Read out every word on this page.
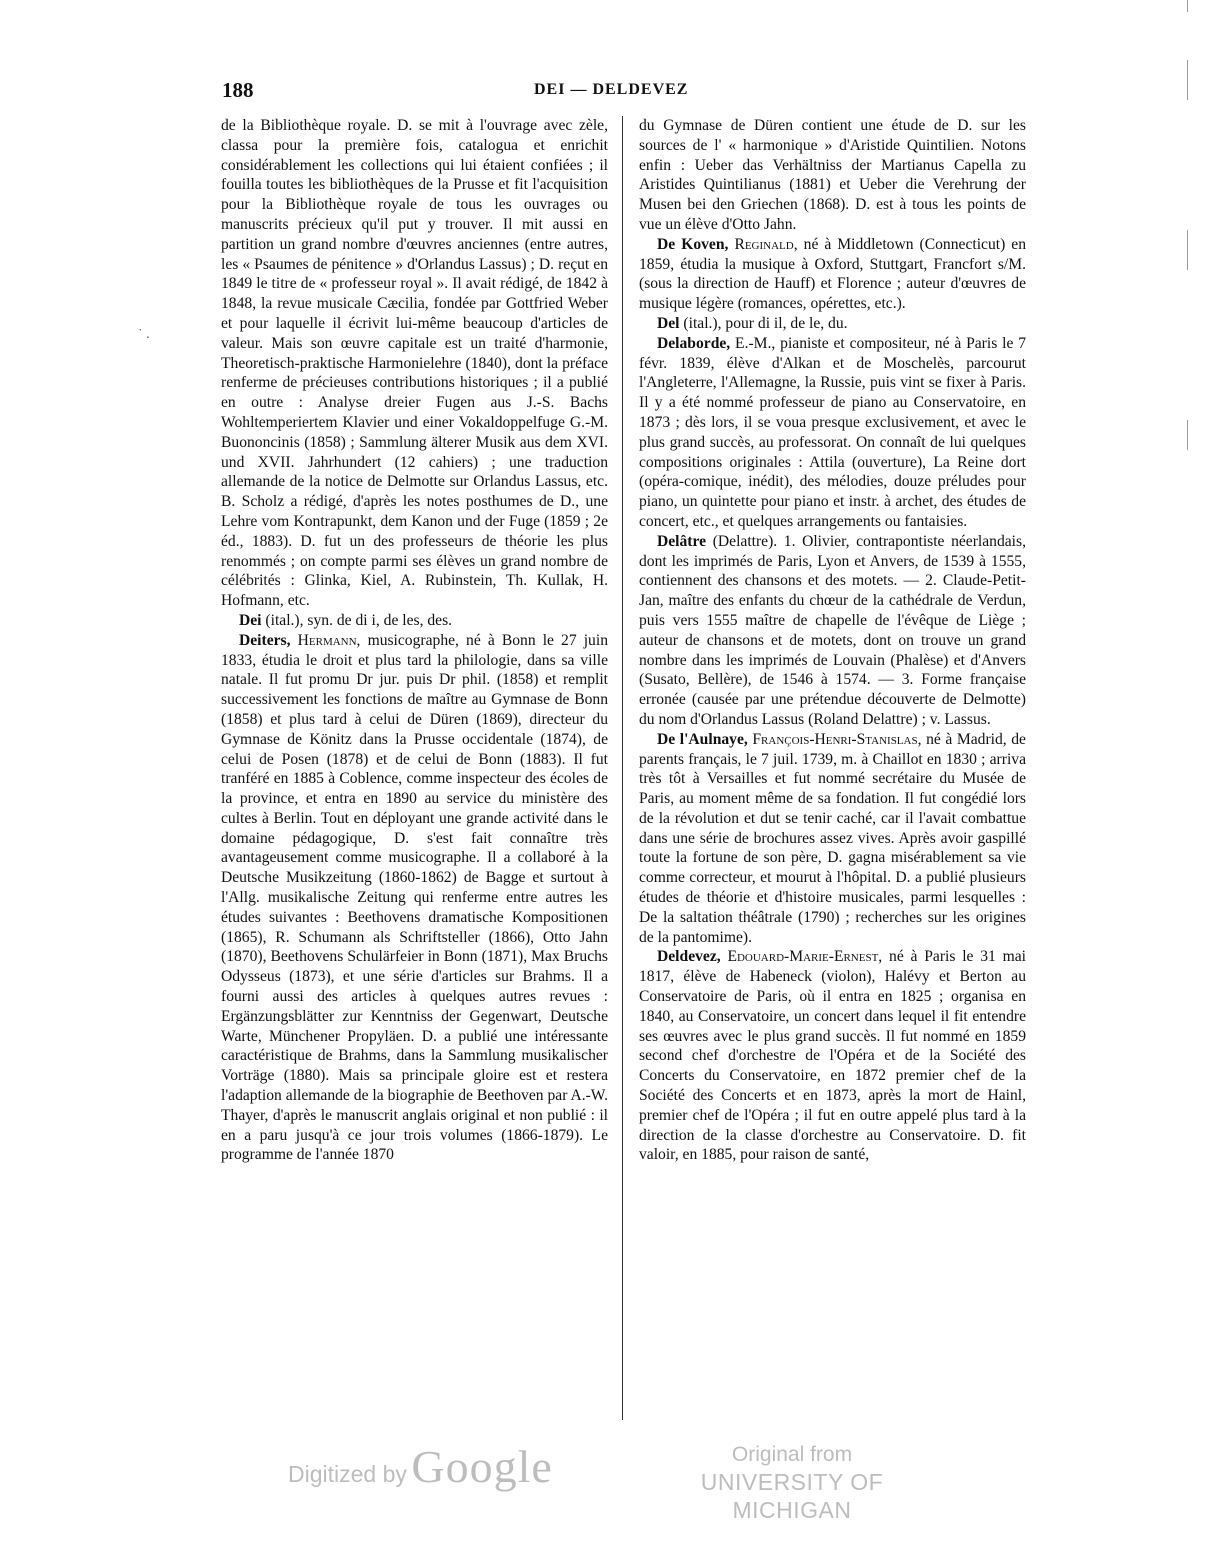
˙ .
188	DEI — DELDEVEZ

de la Bibliothèque royale. D. se mit à l'ouvrage avec zèle, classa pour la première fois, catalogua et enrichit considérablement les collections qui lui étaient confiées ; il fouilla toutes les bibliothèques de la Prusse et fit l'acquisition pour la Bibliothèque royale de tous les ouvrages ou manuscrits précieux qu'il put y trouver. Il mit aussi en partition un grand nombre d'œuvres anciennes (entre autres, les « Psaumes de pénitence » d'Orlandus Lassus) ; D. reçut en 1849 le titre de « professeur royal ». Il avait rédigé, de 1842 à 1848, la revue musicale Cæcilia, fondée par Gottfried Weber et pour laquelle il écrivit lui-même beaucoup d'articles de valeur. Mais son œuvre capitale est un traité d'harmonie, Theoretisch-praktische Harmonielehre (1840), dont la préface renferme de précieuses contributions historiques ; il a publié en outre : Analyse dreier Fugen aus J.-S. Bachs Wohltemperiertem Klavier und einer Vokaldoppelfuge G.-M. Buononcinis (1858) ; Sammlung älterer Musik aus dem XVI. und XVII. Jahrhundert (12 cahiers) ; une traduction allemande de la notice de Delmotte sur Orlandus Lassus, etc. B. Scholz a rédigé, d'après les notes posthumes de D., une Lehre vom Kontrapunkt, dem Kanon und der Fuge (1859 ; 2e éd., 1883). D. fut un des professeurs de théorie les plus renommés ; on compte parmi ses élèves un grand nombre de célébrités : Glinka, Kiel, A. Rubinstein, Th. Kullak, H. Hofmann, etc.

Dei (ital.), syn. de di i, de les, des.

Deiters, Hermann, musicographe, né à Bonn le 27 juin 1833, étudia le droit et plus tard la philologie, dans sa ville natale. Il fut promu Dr jur. puis Dr phil. (1858) et remplit successivement les fonctions de maître au Gymnase de Bonn (1858) et plus tard à celui de Düren (1869), directeur du Gymnase de Könitz dans la Prusse occidentale (1874), de celui de Posen (1878) et de celui de Bonn (1883). Il fut tranféré en 1885 à Coblence, comme inspecteur des écoles de la province, et entra en 1890 au service du ministère des cultes à Berlin. Tout en déployant une grande activité dans le domaine pédagogique, D. s'est fait connaître très avantageusement comme musicographe. Il a collaboré à la Deutsche Musikzeitung (1860-1862) de Bagge et surtout à l'Allg. musikalische Zeitung qui renferme entre autres les études suivantes : Beethovens dramatische Kompositionen (1865), R. Schumann als Schriftsteller (1866), Otto Jahn (1870), Beethovens Schulärfeier in Bonn (1871), Max Bruchs Odysseus (1873), et une série d'articles sur Brahms. Il a fourni aussi des articles à quelques autres revues : Ergänzungsblätter zur Kenntniss der Gegenwart, Deutsche Warte, Münchener Propyläen. D. a publié une intéressante caractéristique de Brahms, dans la Sammlung musikalischer Vorträge (1880). Mais sa principale gloire est et restera l'adaption allemande de la biographie de Beethoven par A.-W. Thayer, d'après le manuscrit anglais original et non publié : il en a paru jusqu'à ce jour trois volumes (1866-1879). Le programme de l'année 1870

du Gymnase de Düren contient une étude de D. sur les sources de l' « harmonique » d'Aristide Quintilien. Notons enfin : Ueber das Verhältniss der Martianus Capella zu Aristides Quintilianus (1881) et Ueber die Verehrung der Musen bei den Griechen (1868). D. est à tous les points de vue un élève d'Otto Jahn.

De Koven, Reginald, né à Middletown (Connecticut) en 1859, étudia la musique à Oxford, Stuttgart, Francfort s/M. (sous la direction de Hauff) et Florence ; auteur d'œuvres de musique légère (romances, opérettes, etc.).

Del (ital.), pour di il, de le, du.

Delaborde, E.-M., pianiste et compositeur, né à Paris le 7 févr. 1839, élève d'Alkan et de Moschelès, parcourut l'Angleterre, l'Allemagne, la Russie, puis vint se fixer à Paris. Il y a été nommé professeur de piano au Conservatoire, en 1873 ; dès lors, il se voua presque exclusivement, et avec le plus grand succès, au professorat. On connaît de lui quelques compositions originales : Attila (ouverture), La Reine dort (opéra-comique, inédit), des mélodies, douze préludes pour piano, un quintette pour piano et instr. à archet, des études de concert, etc., et quelques arrangements ou fantaisies.

Delâtre (Delattre). 1. Olivier, contrapontiste néerlandais, dont les imprimés de Paris, Lyon et Anvers, de 1539 à 1555, contiennent des chansons et des motets. — 2. Claude-Petit-Jan, maître des enfants du chœur de la cathédrale de Verdun, puis vers 1555 maître de chapelle de l'évêque de Liège ; auteur de chansons et de motets, dont on trouve un grand nombre dans les imprimés de Louvain (Phalèse) et d'Anvers (Susato, Bellère), de 1546 à 1574. — 3. Forme française erronée (causée par une prétendue découverte de Delmotte) du nom d'Orlandus Lassus (Roland Delattre) ; v. Lassus.

De l'Aulnaye, François-Henri-Stanislas, né à Madrid, de parents français, le 7 juil. 1739, m. à Chaillot en 1830 ; arriva très tôt à Versailles et fut nommé secrétaire du Musée de Paris, au moment même de sa fondation. Il fut congédié lors de la révolution et dut se tenir caché, car il l'avait combattue dans une série de brochures assez vives. Après avoir gaspillé toute la fortune de son père, D. gagna misérablement sa vie comme correcteur, et mourut à l'hôpital. D. a publié plusieurs études de théorie et d'histoire musicales, parmi lesquelles : De la saltation théâtrale (1790) ; recherches sur les origines de la pantomime).

Deldevez, Edouard-Marie-Ernest, né à Paris le 31 mai 1817, élève de Habeneck (violon), Halévy et Berton au Conservatoire de Paris, où il entra en 1825 ; organisa en 1840, au Conservatoire, un concert dans lequel il fit entendre ses œuvres avec le plus grand succès. Il fut nommé en 1859 second chef d'orchestre de l'Opéra et de la Société des Concerts du Conservatoire, en 1872 premier chef de la Société des Concerts et en 1873, après la mort de Hainl, premier chef de l'Opéra ; il fut en outre appelé plus tard à la direction de la classe d'orchestre au Conservatoire. D. fit valoir, en 1885, pour raison de santé,

Digitized by Google	Original from
UNIVERSITY OF MICHIGAN
